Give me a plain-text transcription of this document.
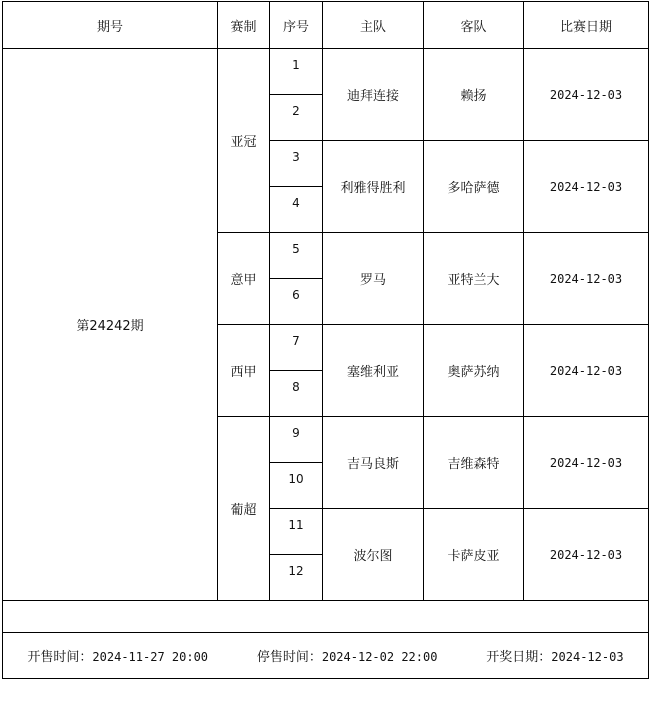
期号	赛制	序号	主队	客队	比赛日期
第24242期	亚冠	1	迪拜连接	赖扬	2024-12-03
		2			
		3	利雅得胜利	多哈萨德	2024-12-03
		4			
	意甲	5	罗马	亚特兰大	2024-12-03
		6			
	西甲	7	塞维利亚	奥萨苏纳	2024-12-03
		8			
	葡超	9	吉马良斯	吉维森特	2024-12-03
		10			
		11	波尔图	卡萨皮亚	2024-12-03
		12			

开售时间：2024-11-27 20:00 停售时间：2024-12-02 22:00 开奖日期：2024-12-03					
